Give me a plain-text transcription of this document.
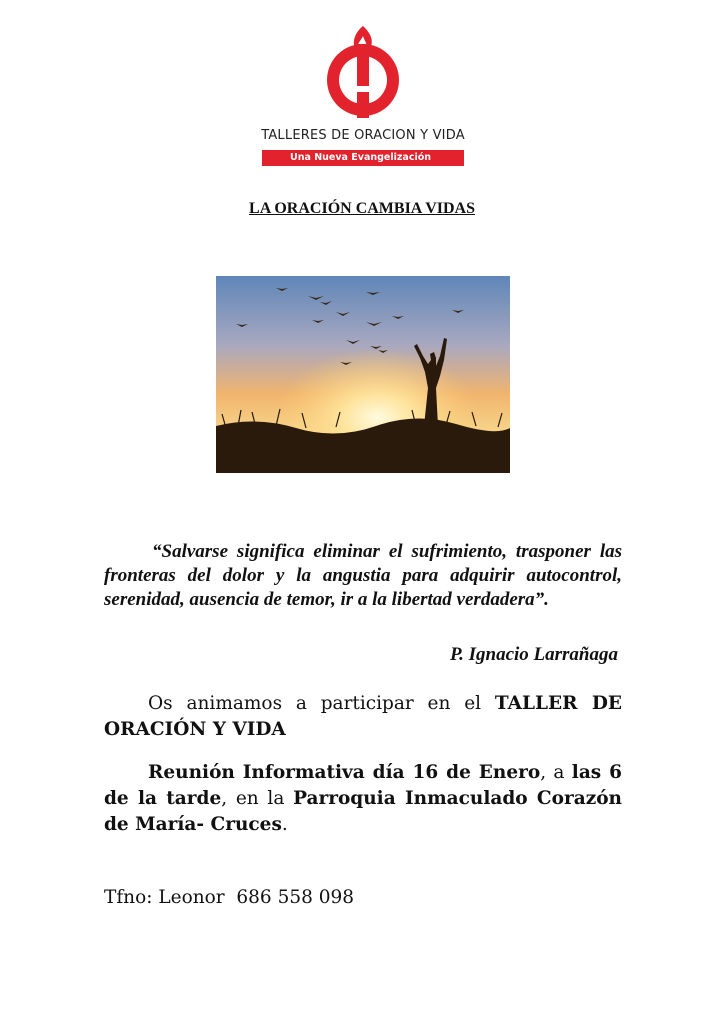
TALLERES DE ORACION Y VIDA
Una Nueva Evangelización
LA ORACIÓN CAMBIA VIDAS

“Salvarse significa eliminar el sufrimiento, trasponer las fronteras del dolor y la angustia para adquirir autocontrol, serenidad, ausencia de temor, ir a la libertad verdadera”.

P. Ignacio Larrañaga

Os animamos a participar en el TALLER DE ORACIÓN Y VIDA

Reunión Informativa día 16 de Enero, a las 6 de la tarde, en la Parroquia Inmaculado Corazón de María- Cruces.

Tfno: Leonor  686 558 098
